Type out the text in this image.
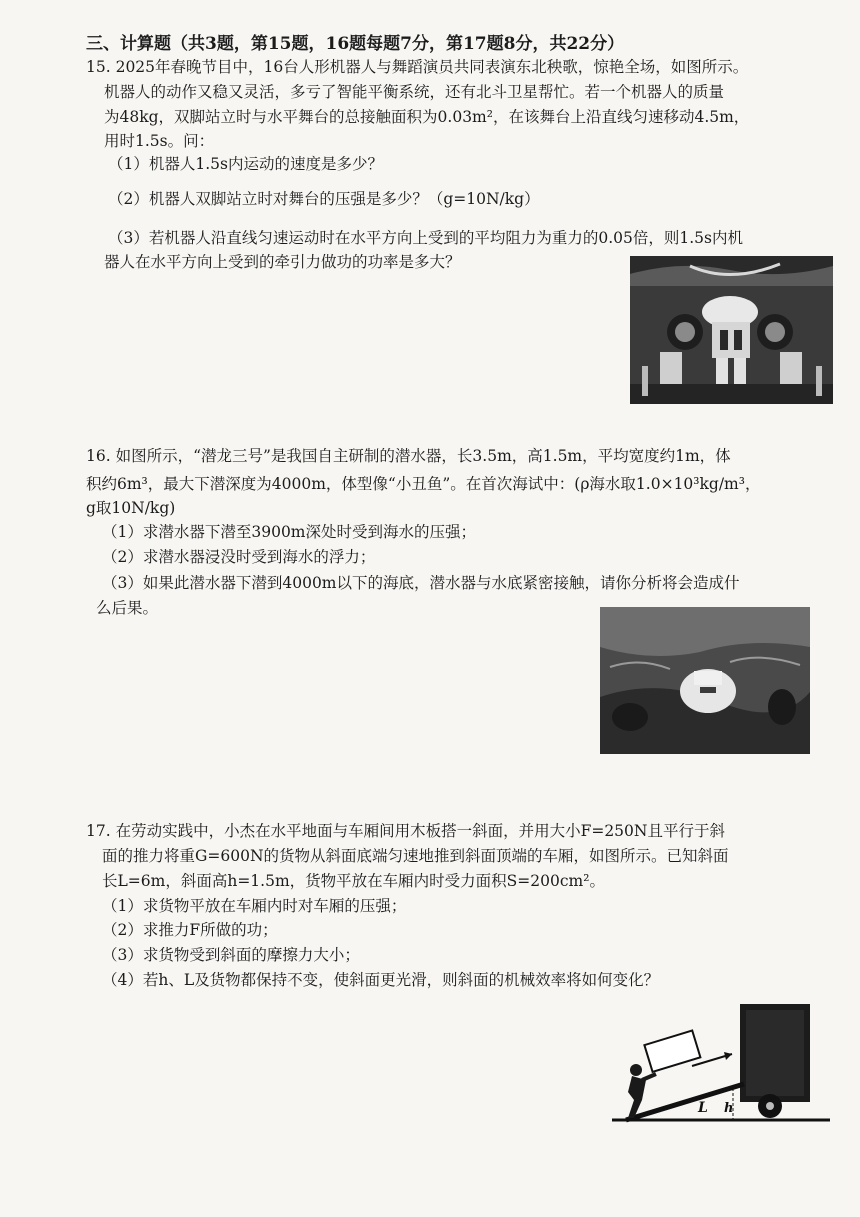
三、计算题（共3题，第15题，16题每题7分，第17题8分，共22分）
15. 2025年春晚节目中，16台人形机器人与舞蹈演员共同表演东北秧歌，惊艳全场，如图所示。
机器人的动作又稳又灵活，多亏了智能平衡系统，还有北斗卫星帮忙。若一个机器人的质量
为48kg，双脚站立时与水平舞台的总接触面积为0.03m²，在该舞台上沿直线匀速移动4.5m，
用时1.5s。问：
（1）机器人1.5s内运动的速度是多少？
（2）机器人双脚站立时对舞台的压强是多少？（g=10N/kg）
（3）若机器人沿直线匀速运动时在水平方向上受到的平均阻力为重力的0.05倍，则1.5s内机
器人在水平方向上受到的牵引力做功的功率是多大？
16. 如图所示，“潜龙三号”是我国自主研制的潜水器，长3.5m，高1.5m，平均宽度约1m，体
积约6m³，最大下潜深度为4000m，体型像“小丑鱼”。在首次海试中：(ρ海水取1.0×10³kg/m³，
g取10N/kg)
（1）求潜水器下潜至3900m深处时受到海水的压强；
（2）求潜水器浸没时受到海水的浮力；
（3）如果此潜水器下潜到4000m以下的海底，潜水器与水底紧密接触，请你分析将会造成什
么后果。
17. 在劳动实践中，小杰在水平地面与车厢间用木板搭一斜面，并用大小F=250N且平行于斜
面的推力将重G=600N的货物从斜面底端匀速地推到斜面顶端的车厢，如图所示。已知斜面
长L=6m，斜面高h=1.5m，货物平放在车厢内时受力面积S=200cm²。
（1）求货物平放在车厢内时对车厢的压强；
（2）求推力F所做的功；
（3）求货物受到斜面的摩擦力大小；
（4）若h、L及货物都保持不变，使斜面更光滑，则斜面的机械效率将如何变化？
L h
